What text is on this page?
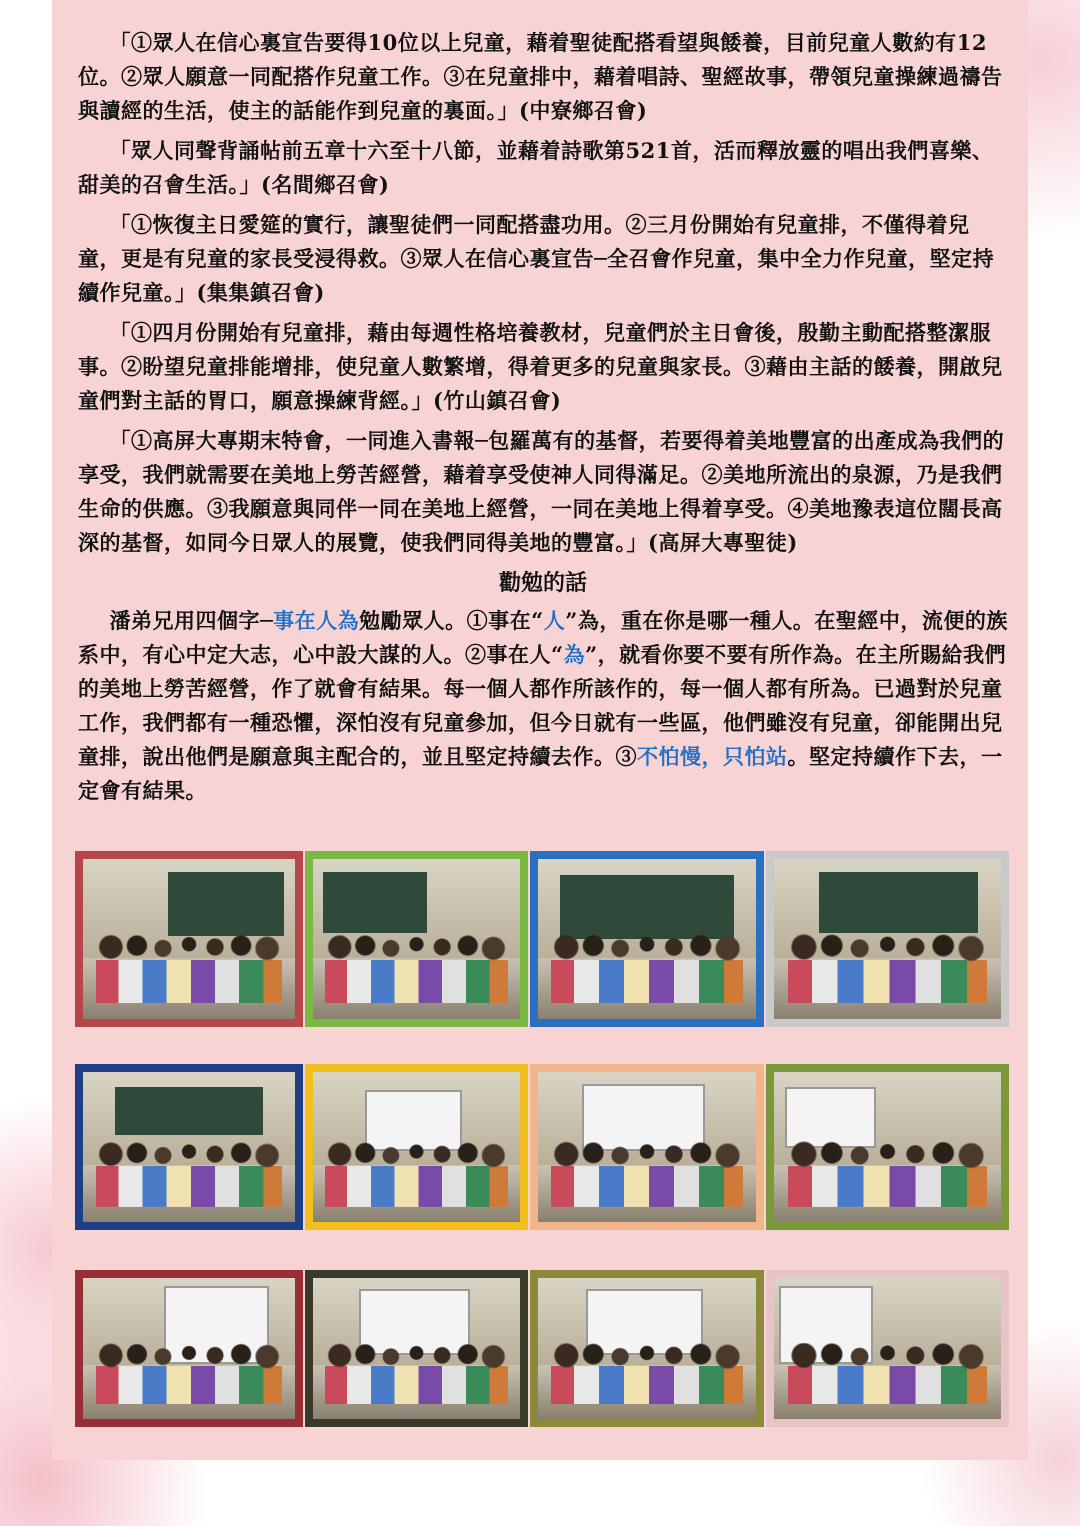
「①眾人在信心裏宣告要得10位以上兒童，藉着聖徒配搭看望與餧養，目前兒童人數約有12位。②眾人願意一同配搭作兒童工作。③在兒童排中，藉着唱詩、聖經故事，帶領兒童操練過禱告與讀經的生活，使主的話能作到兒童的裏面。」(中寮鄉召會)

「眾人同聲背誦帖前五章十六至十八節，並藉着詩歌第521首，活而釋放靈的唱出我們喜樂、甜美的召會生活。」(名間鄉召會)

「①恢復主日愛筵的實行，讓聖徒們一同配搭盡功用。②三月份開始有兒童排，不僅得着兒童，更是有兒童的家長受浸得救。③眾人在信心裏宣告─全召會作兒童，集中全力作兒童，堅定持續作兒童。」(集集鎮召會)

「①四月份開始有兒童排，藉由每週性格培養教材，兒童們於主日會後，殷勤主動配搭整潔服事。②盼望兒童排能增排，使兒童人數繁增，得着更多的兒童與家長。③藉由主話的餧養，開啟兒童們對主話的胃口，願意操練背經。」(竹山鎮召會)

「①高屏大專期末特會，一同進入書報─包羅萬有的基督，若要得着美地豐富的出產成為我們的享受，我們就需要在美地上勞苦經營，藉着享受使神人同得滿足。②美地所流出的泉源，乃是我們生命的供應。③我願意與同伴一同在美地上經營，一同在美地上得着享受。④美地豫表這位闊長高深的基督，如同今日眾人的展覽，使我們同得美地的豐富。」(高屏大專聖徒)

勸勉的話

潘弟兄用四個字─事在人為勉勵眾人。①事在“人”為，重在你是哪一種人。在聖經中，流便的族系中，有心中定大志，心中設大謀的人。②事在人“為”，就看你要不要有所作為。在主所賜給我們的美地上勞苦經營，作了就會有結果。每一個人都作所該作的，每一個人都有所為。已過對於兒童工作，我們都有一種恐懼，深怕沒有兒童參加，但今日就有一些區，他們雖沒有兒童，卻能開出兒童排，說出他們是願意與主配合的，並且堅定持續去作。③不怕慢，只怕站。堅定持續作下去，一定會有結果。
